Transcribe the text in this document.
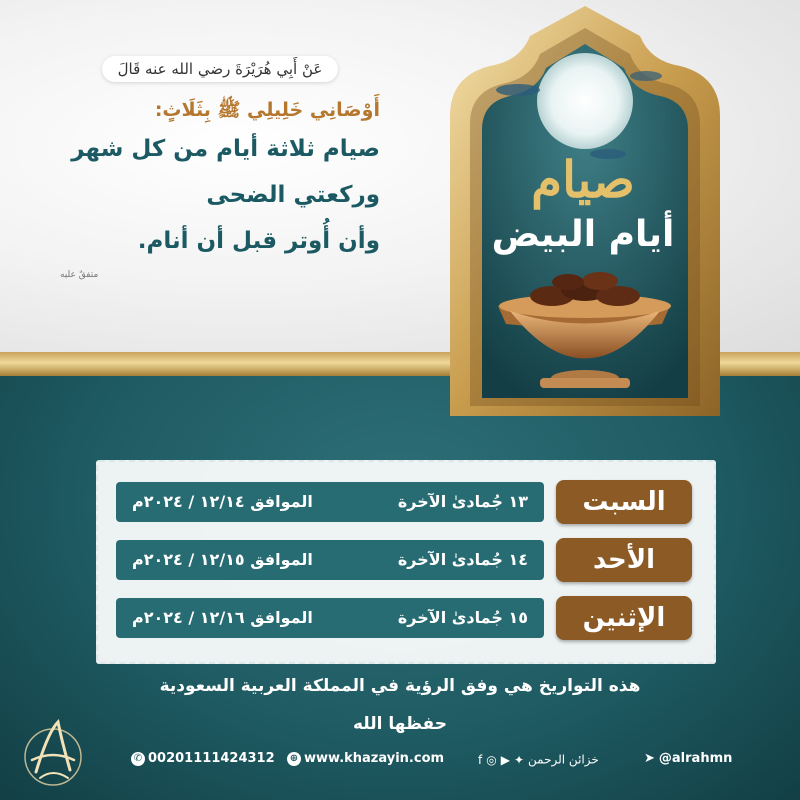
عَنْ أَبِي هُرَيْرَةَ رضي الله عنه قَالَ
أَوْصَانِي خَلِيلِي ﷺ بِثَلَاثٍ:
صيام ثلاثة أيام من كل شهر
وركعتي الضحى
وأن أُوتر قبل أن أنام.
متفقٌ عليه
صيام
أيام البيض
السبت
١٣ جُمادىٰ الآخرة
الموافق ١٢/١٤ / ٢٠٢٤م
الأحد
١٤ جُمادىٰ الآخرة
الموافق ١٢/١٥ / ٢٠٢٤م
الإثنين
١٥ جُمادىٰ الآخرة
الموافق ١٢/١٦ / ٢٠٢٤م
هذه التواريخ هي وفق الرؤية في المملكة العربية السعودية
حفظها الله
✆ 00201111424312	⊕ www.khazayin.com	f ◎ ▶ ✦ خزائن الرحمن	➤ @alrahmn
